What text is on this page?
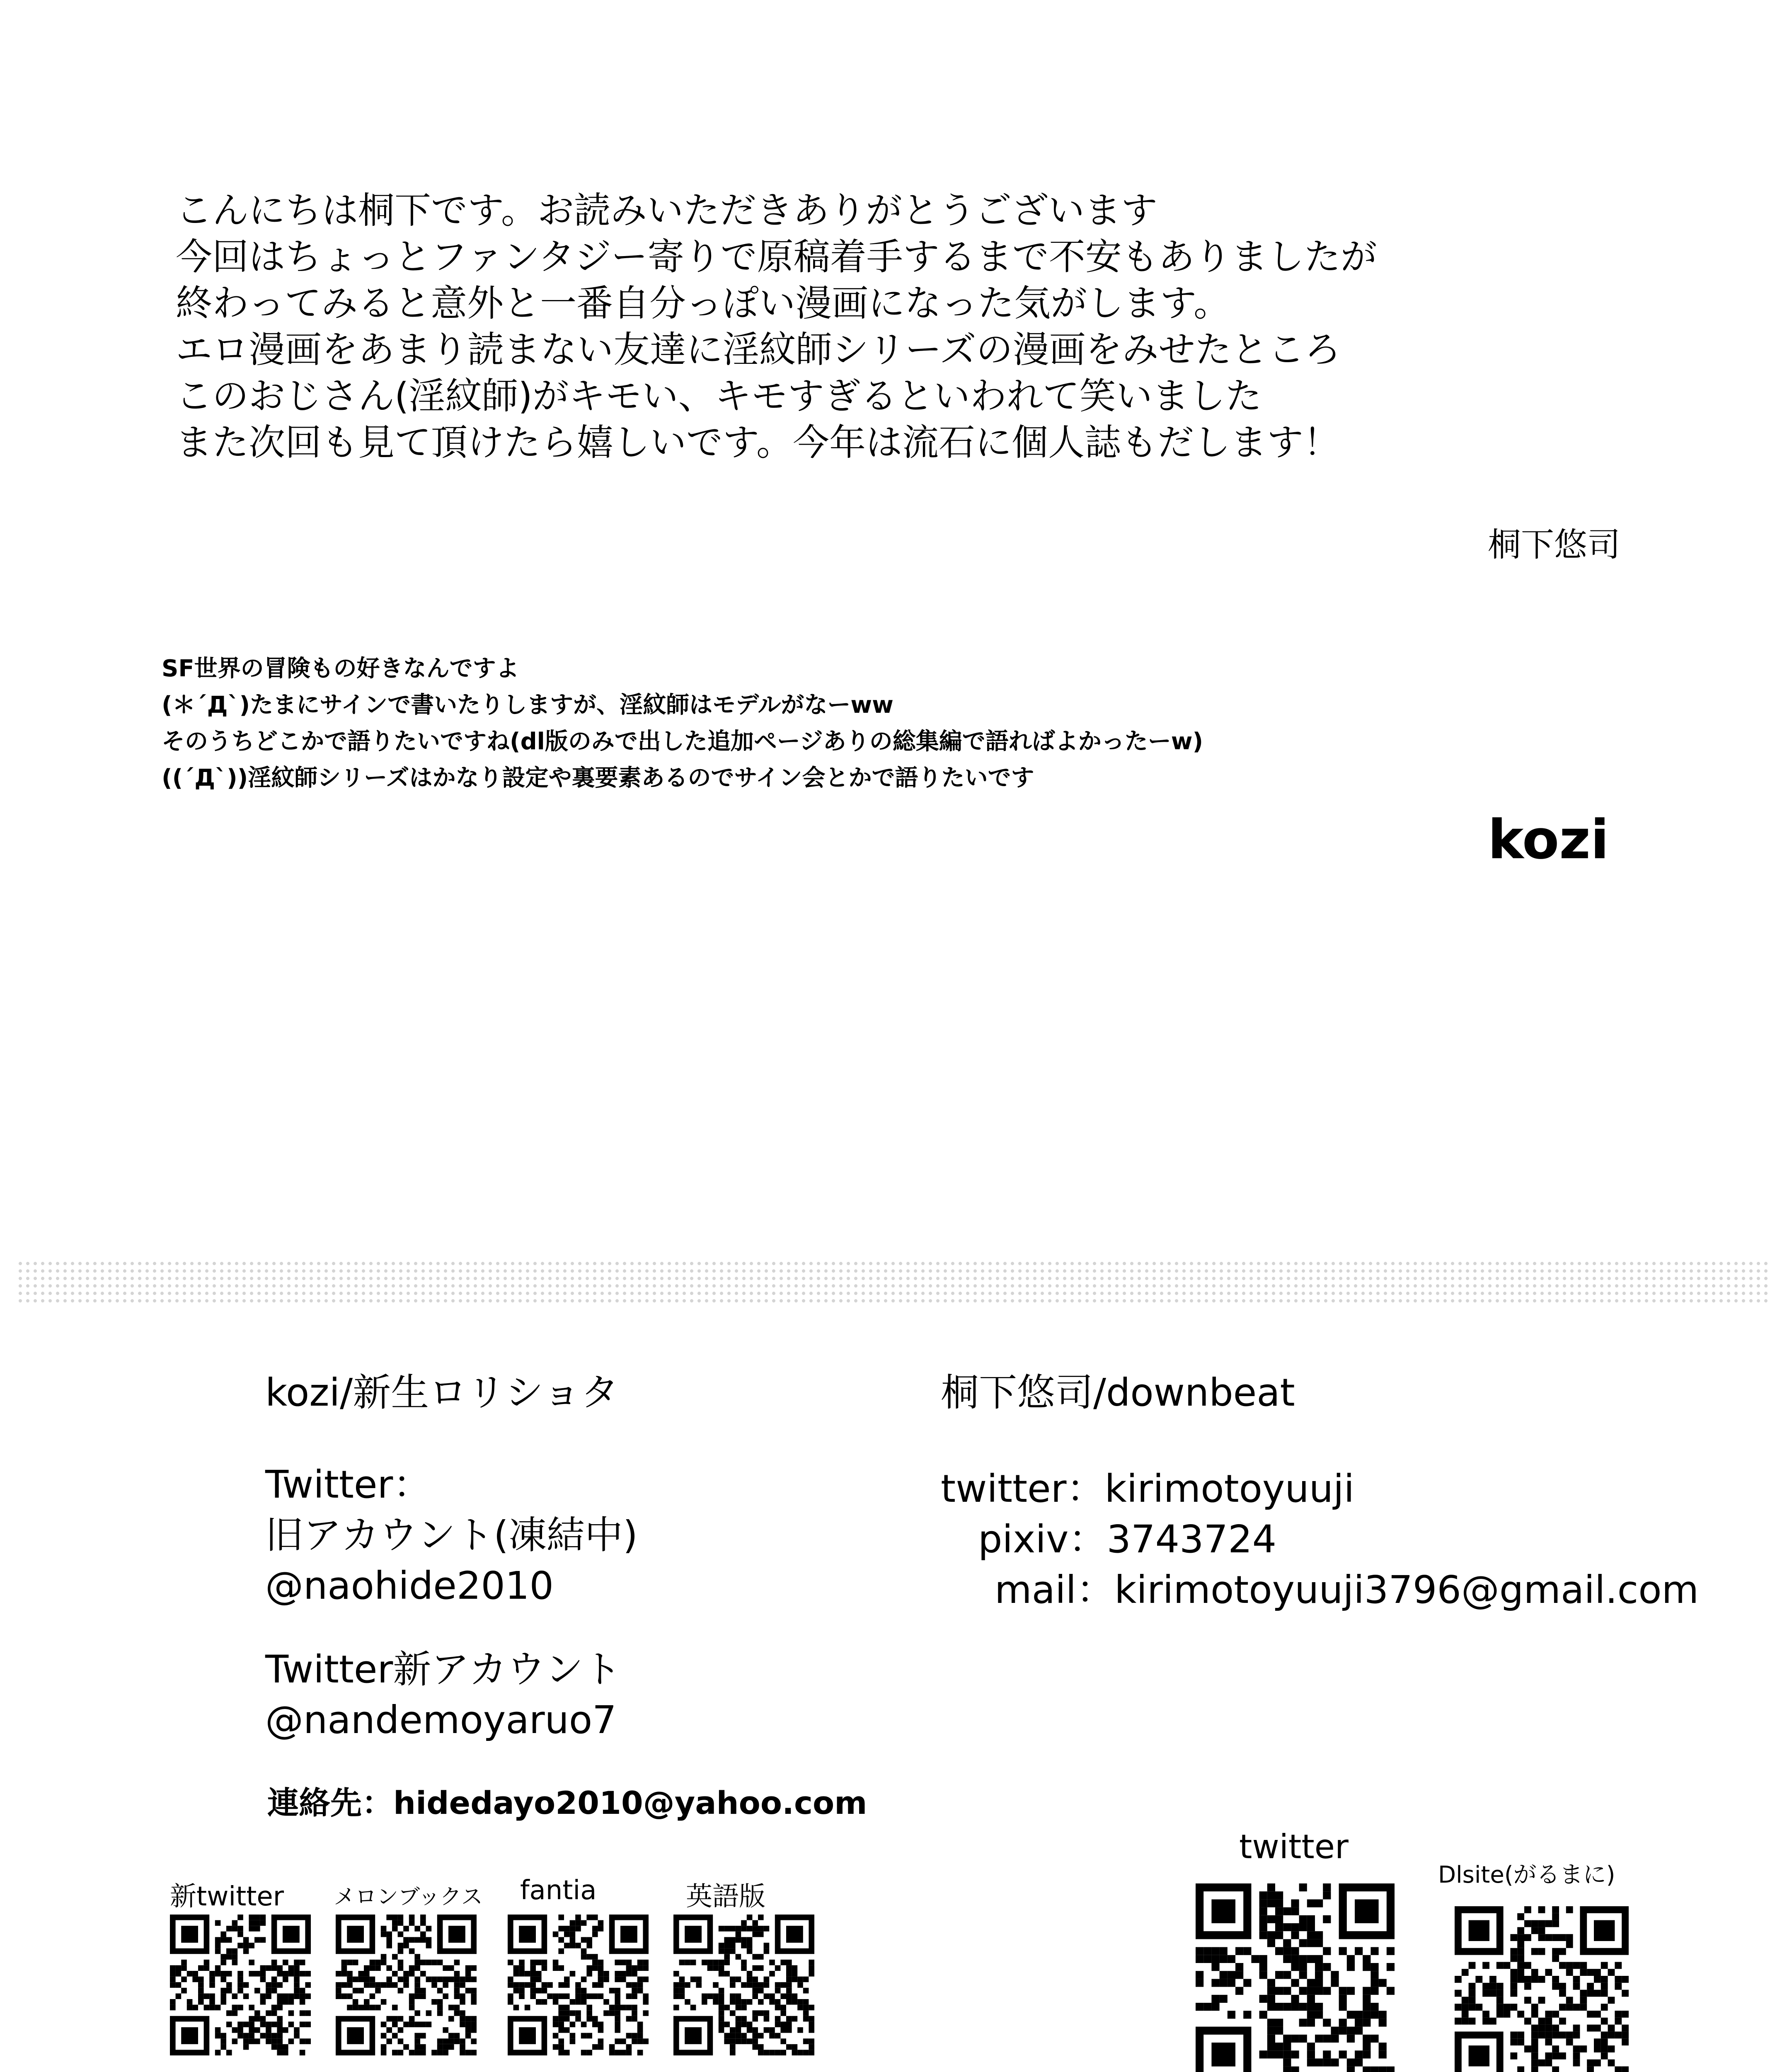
こんにちは桐下です。お読みいただきありがとうございます
今回はちょっとファンタジー寄りで原稿着手するまで不安もありましたが
終わってみると意外と一番自分っぽい漫画になった気がします。
エロ漫画をあまり読まない友達に淫紋師シリーズの漫画をみせたところ
このおじさん(淫紋師)がキモい、キモすぎるといわれて笑いました
また次回も見て頂けたら嬉しいです。今年は流石に個人誌もだします！
桐下悠司
SF世界の冒険もの好きなんですよ
(＊´Д`)たまにサインで書いたりしますが、淫紋師はモデルがなーww
そのうちどこかで語りたいですね(dl版のみで出した追加ページありの総集編で語ればよかったーw)
((´Д`))淫紋師シリーズはかなり設定や裏要素あるのでサイン会とかで語りたいです
kozi
kozi/新生ロリショタ
Twitter：
旧アカウント(凍結中)
@naohide2010
Twitter新アカウント
@nandemoyaruo7
連絡先：hidedayo2010@yahoo.com
桐下悠司/downbeat
twitter：kirimotoyuuji
pixiv：3743724
mail：kirimotoyuuji3796@gmail.com
新twitter メロンブックス fantia	英語版
twitter
Dlsite(がるまに)
